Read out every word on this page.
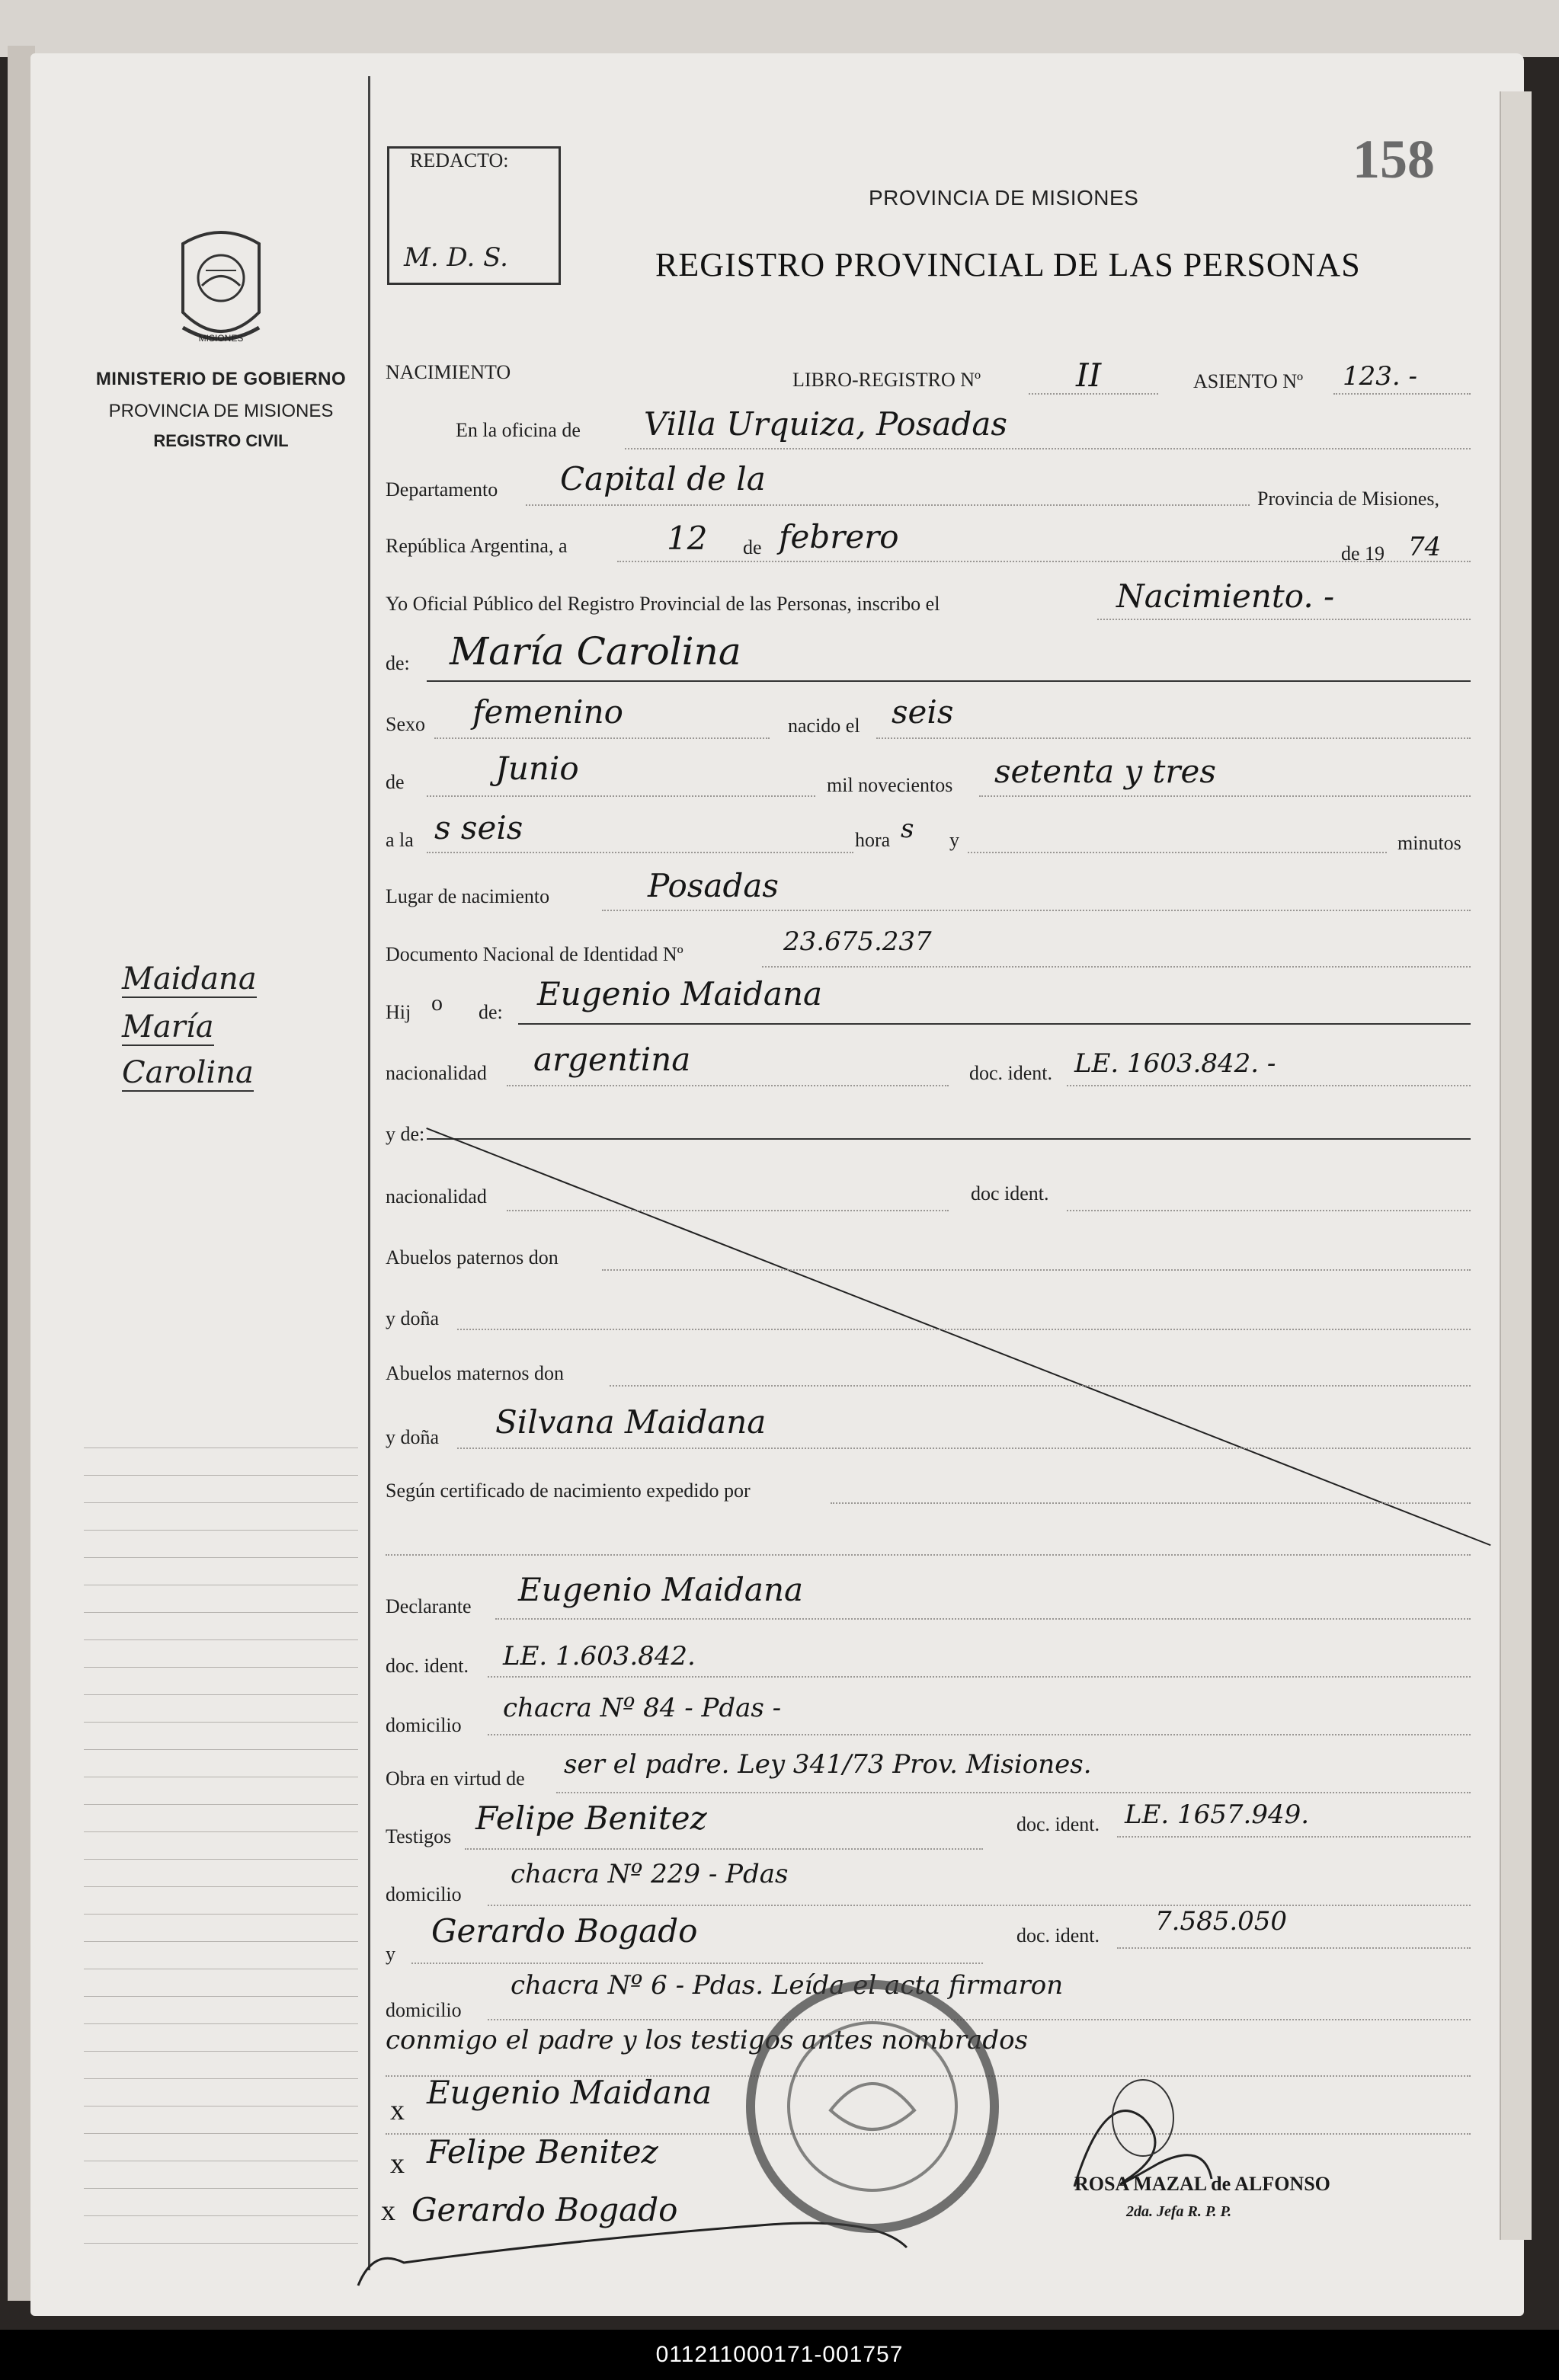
MISIONES
MINISTERIO DE GOBIERNO
PROVINCIA DE MISIONES
REGISTRO CIVIL
Maidana
María
Carolina
REDACTO:
M. D. S.
158
PROVINCIA DE MISIONES
REGISTRO PROVINCIAL DE LAS PERSONAS
NACIMIENTO	LIBRO-REGISTRO Nº	II	ASIENTO Nº 123. -
En la oficina de Villa Urquiza, Posadas
Departamento Capital de la
Provincia de Misiones,
República Argentina, a	12 de febrero	de 19 74
Yo Oficial Público del Registro Provincial de las Personas, inscribo el	Nacimiento. -
de: María Carolina
Sexo femenino	nacido el seis
de	Junio	mil novecientos setenta y tres
a la s seis	hora s y	minutos
Lugar de nacimiento	Posadas
Documento Nacional de Identidad Nº	23.675.237
Hij o de: Eugenio Maidana
nacionalidad argentina	doc. ident. LE. 1603.842. -
y de:
nacionalidad	doc ident.
Abuelos paternos don
y doña
Abuelos maternos don
y doña Silvana Maidana
Según certificado de nacimiento expedido por
Declarante Eugenio Maidana
doc. ident. LE. 1.603.842.
domicilio
chacra Nº 84 - Pdas -
Obra en virtud de ser el padre. Ley 341/73 Prov. Misiones.
Testigos Felipe Benitez	doc. ident. LE. 1657.949.
domicilio
chacra Nº 229 - Pdas
y
Gerardo Bogado	doc. ident. 7.585.050
domicilio
chacra Nº 6 - Pdas. Leída el acta firmaron
conmigo el padre y los testigos antes nombrados
x Eugenio Maidana
x Felipe Benitez
x Gerardo Bogado
ROSA MAZAL de ALFONSO
2da. Jefa R. P. P.
011211000171-001757
